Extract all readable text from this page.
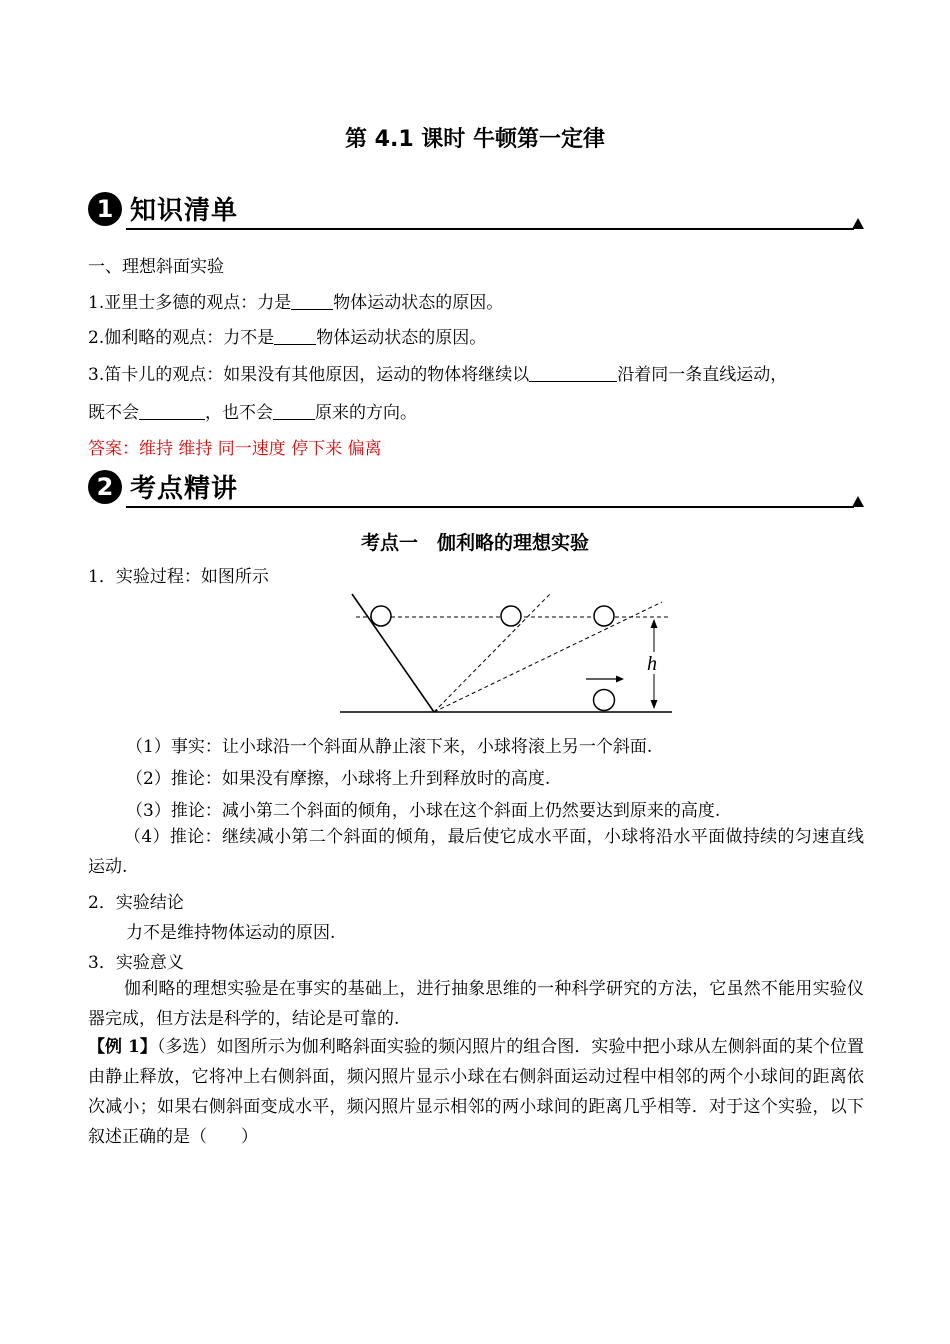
第 4.1 课时 牛顿第一定律
1 知识清单
一、理想斜面实验
1.亚里士多德的观点：力是 物体运动状态的原因。
2.伽利略的观点：力不是 物体运动状态的原因。
3.笛卡儿的观点：如果没有其他原因，运动的物体将继续以	沿着同一条直线运动，
既不会	，也不会 原来的方向。
答案：维持 维持 同一速度 停下来 偏离
2 考点精讲
考点一　伽利略的理想实验
1．实验过程：如图所示
h
（1）事实：让小球沿一个斜面从静止滚下来，小球将滚上另一个斜面.
（2）推论：如果没有摩擦，小球将上升到释放时的高度.
（3）推论：减小第二个斜面的倾角，小球在这个斜面上仍然要达到原来的高度.
（4）推论：继续减小第二个斜面的倾角，最后使它成水平面，小球将沿水平面做持续的匀速直线运动.
2．实验结论
力不是维持物体运动的原因.
3．实验意义
伽利略的理想实验是在事实的基础上，进行抽象思维的一种科学研究的方法，它虽然不能用实验仪器完成，但方法是科学的，结论是可靠的.
【例 1】（多选）如图所示为伽利略斜面实验的频闪照片的组合图．实验中把小球从左侧斜面的某个位置由静止释放，它将冲上右侧斜面，频闪照片显示小球在右侧斜面运动过程中相邻的两个小球间的距离依次减小；如果右侧斜面变成水平，频闪照片显示相邻的两小球间的距离几乎相等．对于这个实验，以下叙述正确的是（　　）
